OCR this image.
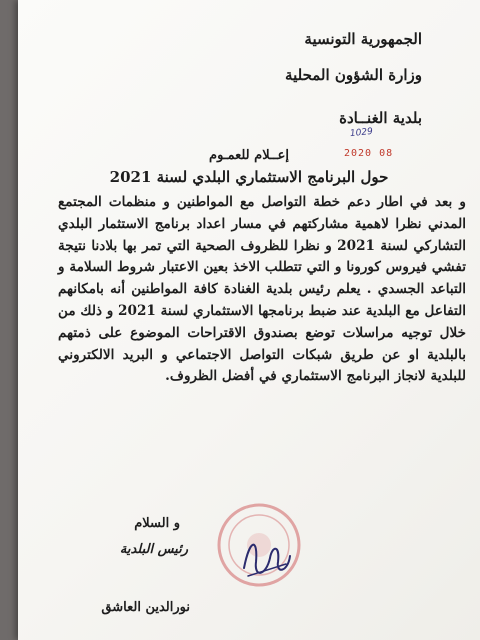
الجمهورية التونسية
وزارة الشؤون المحلية
بلدية الغنــادة
1029
2020 08
إعــلام للعمـوم
حول البرنامج الاستثماري البلدي لسنة 2021
و بعد في اطار دعم خطة التواصل مع المواطنين و منظمات المجتمع المدني نظرا لاهمية مشاركتهم في مسار اعداد برنامج الاستثمار البلدي التشاركي لسنة 2021 و نظرا للظروف الصحية التي تمر بها بلادنا نتيجة تفشي فيروس كورونا و التي تتطلب الاخذ بعين الاعتبار شروط السلامة و التباعد الجسدي . يعلم رئيس بلدية الغنادة كافة المواطنين أنه بامكانهم التفاعل مع البلدية عند ضبط برنامجها الاستثماري لسنة 2021 و ذلك من خلال توجيه مراسلات توضع بصندوق الاقتراحات الموضوع على ذمتهم بالبلدية او عن طريق شبكات التواصل الاجتماعي و البريد الالكتروني للبلدية لانجاز البرنامج الاستثماري في أفضل الظروف.
و السلام
رئيس البلدية
نورالدين العاشق
